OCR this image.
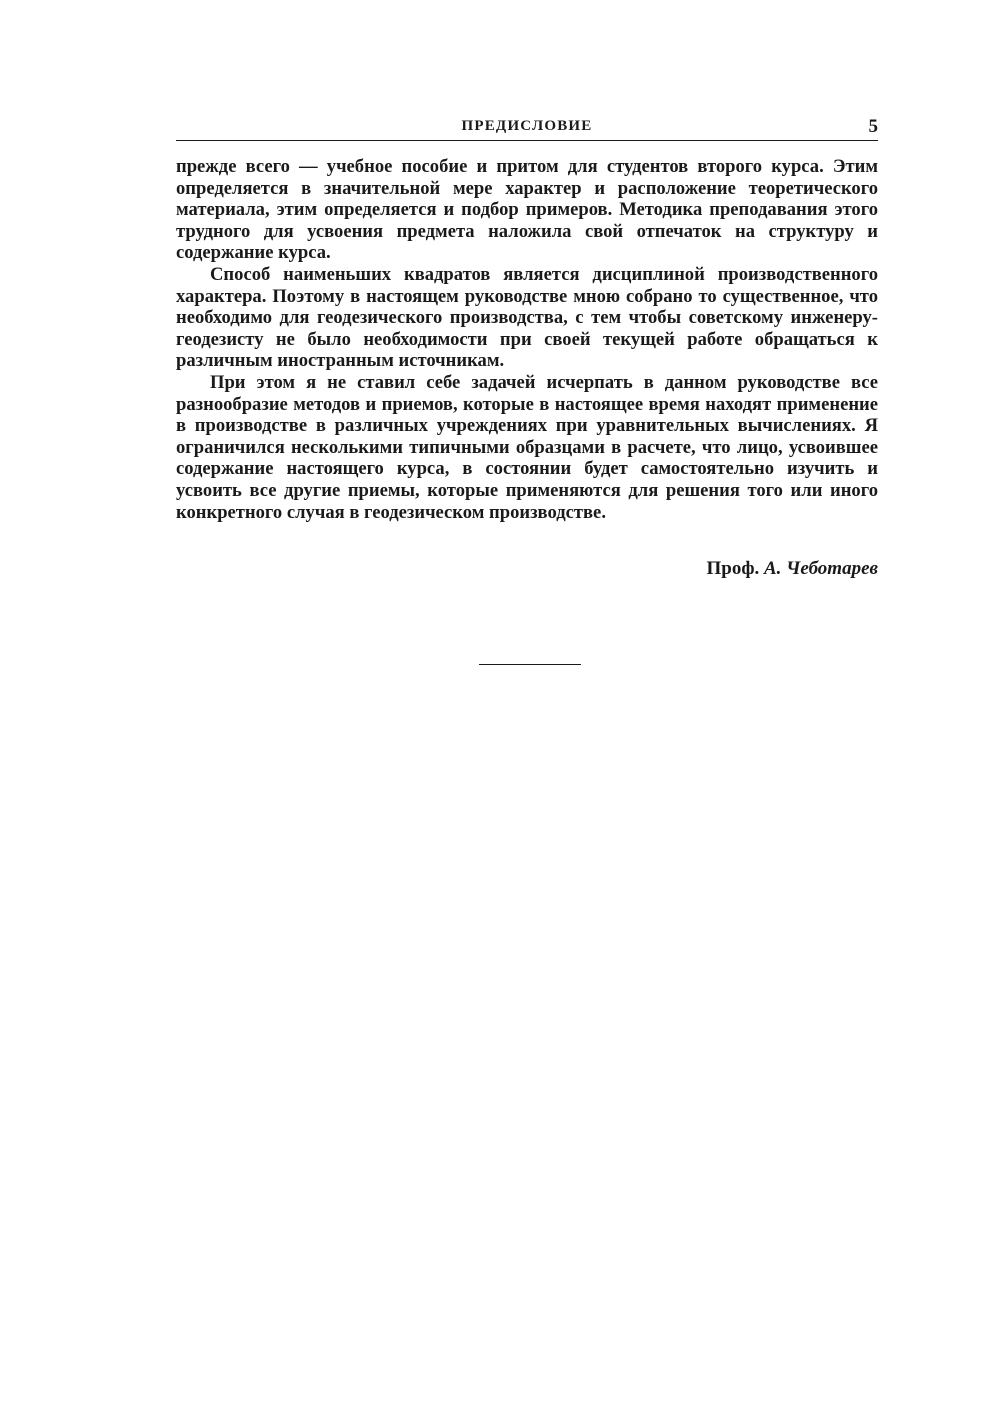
ПРЕДИСЛОВИЕ	5

прежде всего — учебное пособие и притом для студентов второго курса. Этим определяется в значительной мере характер и расположение теоретического материала, этим определяется и подбор примеров. Методика преподавания этого трудного для усвоения предмета наложила свой отпечаток на структуру и содержание курса.

Способ наименьших квадратов является дисциплиной производственного характера. Поэтому в настоящем руководстве мною собрано то существенное, что необходимо для геодезического производства, с тем чтобы советскому инженеру-геодезисту не было необходимости при своей текущей работе обращаться к различным иностранным источникам.

При этом я не ставил себе задачей исчерпать в данном руководстве все разнообразие методов и приемов, которые в настоящее время находят применение в производстве в различных учреждениях при уравнительных вычислениях. Я ограничился несколькими типичными образцами в расчете, что лицо, усвоившее содержание настоящего курса, в состоянии будет самостоятельно изучить и усвоить все другие приемы, которые применяются для решения того или иного конкретного случая в геодезическом производстве.

Проф. А. Чеботарев
